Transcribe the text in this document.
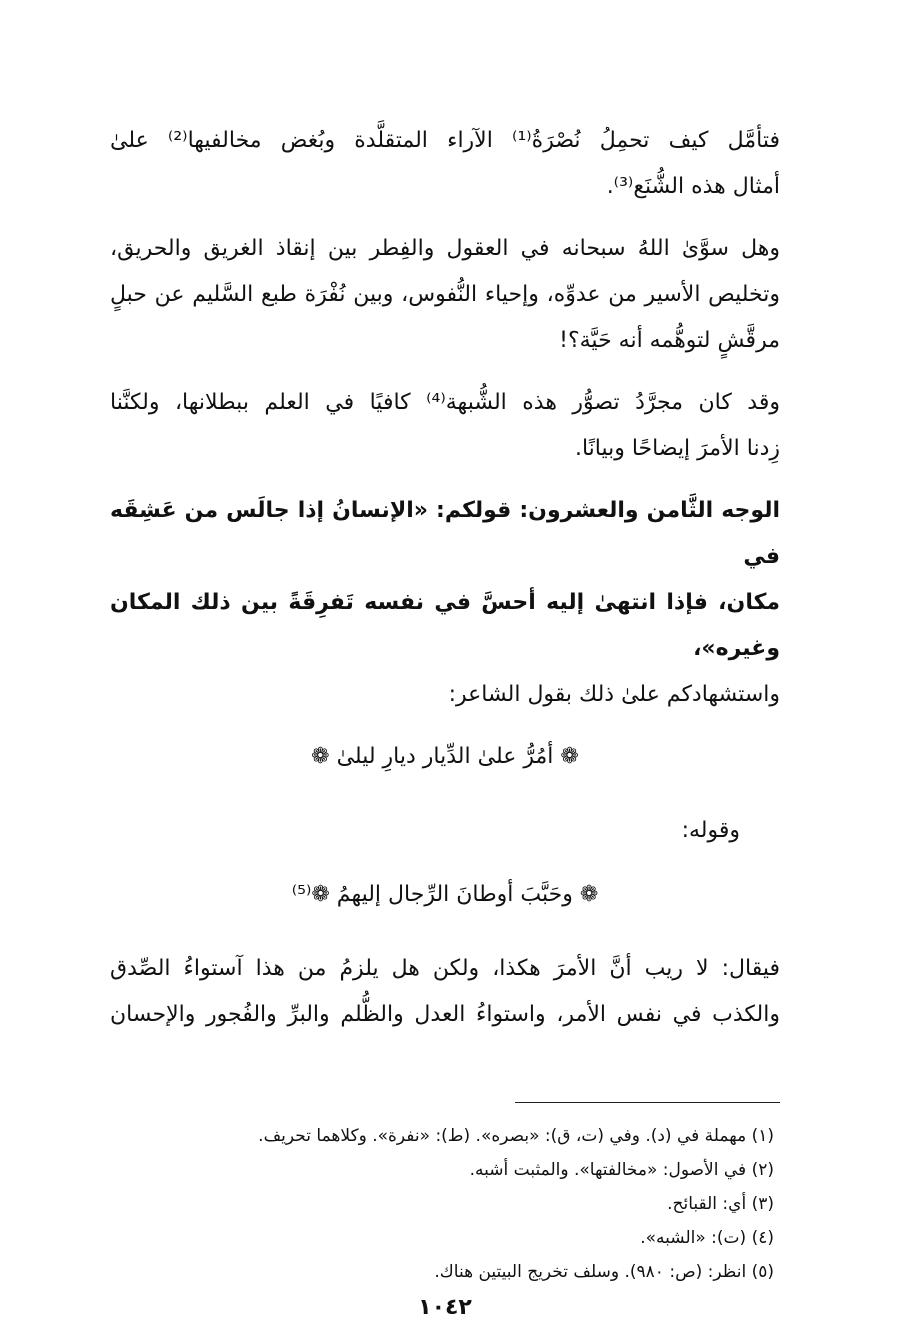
فتأمَّل كيف تحمِلُ نُصْرَةُ⁽¹⁾ الآراء المتقلَّدة وبُغض مخالفيها⁽²⁾ علىٰ
أمثال هذه الشُّنَع⁽³⁾.

وهل سوَّىٰ اللهُ سبحانه في العقول والفِطر بين إنقاذ الغريق والحريق،
وتخليص الأسير من عدوِّه، وإحياء النُّفوس، وبين نُفْرَة طبع السَّليم عن حبلٍ
مرقَّشٍ لتوهُّمه أنه حَيَّة؟!

وقد كان مجرَّدُ تصوُّر هذه الشُّبهة⁽⁴⁾ كافيًا في العلم ببطلانها، ولكنَّنا
زِدنا الأمرَ إيضاحًا وبيانًا.

الوجه الثَّامن والعشرون: قولكم: «الإنسانُ إذا جالَس من عَشِقَه في
مكان، فإذا انتهىٰ إليه أحسَّ في نفسه تَفرِقَةً بين ذلك المكان وغيره»،
واستشهادكم علىٰ ذلك بقول الشاعر:

❁ أمُرُّ علىٰ الدِّيار ديارِ ليلىٰ ❁
وقوله:
❁ وحَبَّبَ أوطانَ الرِّجال إليهمُ ❁⁽⁵⁾

فيقال: لا ريب أنَّ الأمرَ هكذا، ولكن هل يلزمُ من هذا آستواءُ الصِّدق
والكذب في نفس الأمر، واستواءُ العدل والظُّلم والبرِّ والفُجور والإحسان

(١) مهملة في (د). وفي (ت، ق): «بصره». (ط): «نفرة». وكلاهما تحريف.
(٢) في الأصول: «مخالفتها». والمثبت أشبه.
(٣) أي: القبائح.
(٤) (ت): «الشبه».
(٥) انظر: (ص: ٩٨٠). وسلف تخريج البيتين هناك.
١٠٤٢
